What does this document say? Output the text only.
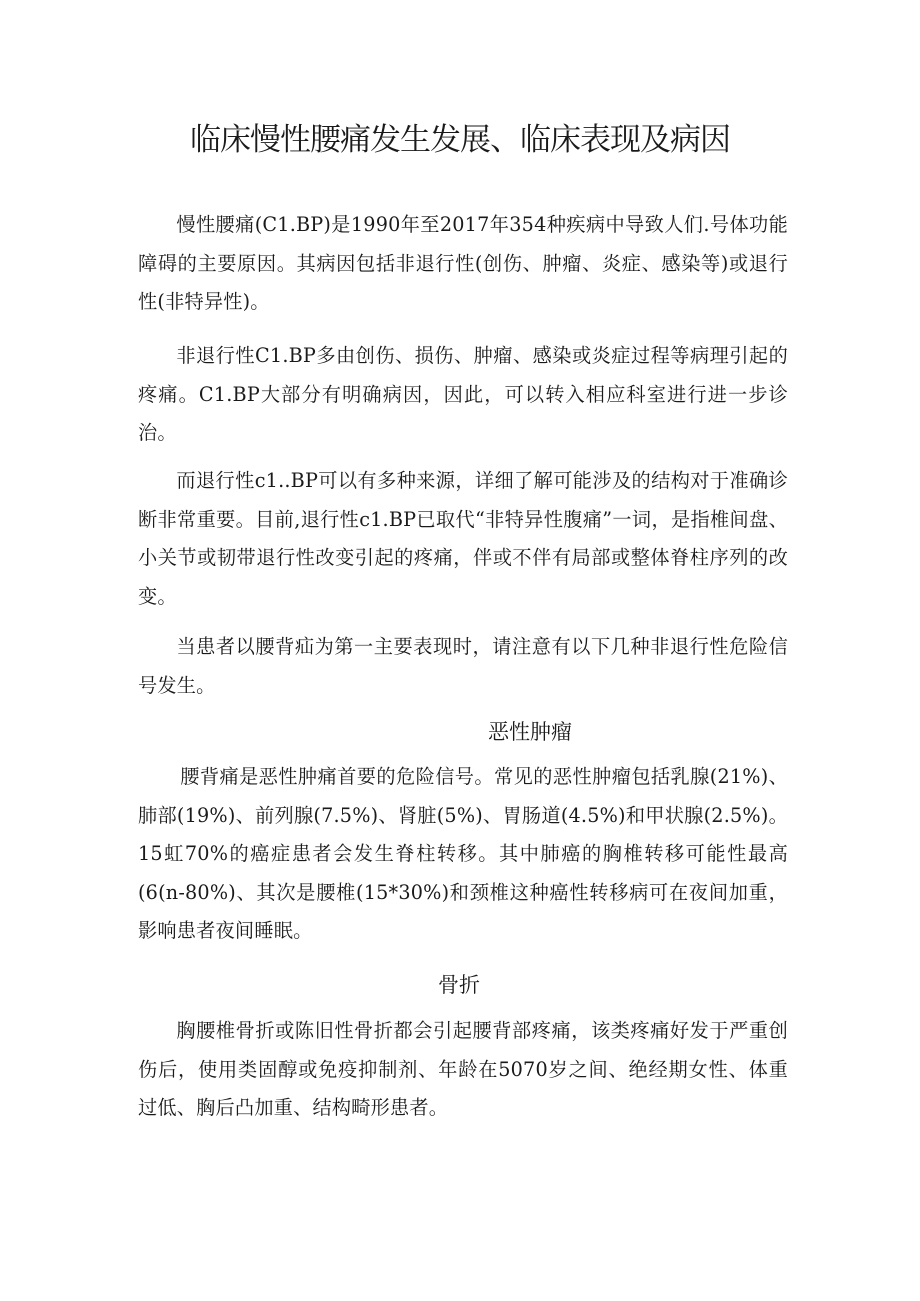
临床慢性腰痛发生发展、临床表现及病因

慢性腰痛(C1.BP)是1990年至2017年354种疾病中导致人们.号体功能障碍的主要原因。其病因包括非退行性(创伤、肿瘤、炎症、感染等)或退行性(非特异性)。

非退行性C1.BP多由创伤、损伤、肿瘤、感染或炎症过程等病理引起的疼痛。C1.BP大部分有明确病因，因此，可以转入相应科室进行进一步诊治。

而退行性c1..BP可以有多种来源，详细了解可能涉及的结构对于准确诊断非常重要。目前,退行性c1.BP已取代“非特异性腹痛”一词，是指椎间盘、小关节或韧带退行性改变引起的疼痛，伴或不伴有局部或整体脊柱序列的改变。

当患者以腰背疝为第一主要表现时，请注意有以下几种非退行性危险信号发生。

恶性肿瘤

腰背痛是恶性肿痛首要的危险信号。常见的恶性肿瘤包括乳腺(21%)、肺部(19%)、前列腺(7.5%)、肾脏(5%)、胃肠道(4.5%)和甲状腺(2.5%)。15虹70%的癌症患者会发生脊柱转移。其中肺癌的胸椎转移可能性最高(6(n-80%)、其次是腰椎(15*30%)和颈椎这种癌性转移病可在夜间加重，影响患者夜间睡眠。

骨折

胸腰椎骨折或陈旧性骨折都会引起腰背部疼痛，该类疼痛好发于严重创伤后，使用类固醇或免疫抑制剂、年龄在5070岁之间、绝经期女性、体重过低、胸后凸加重、结构畸形患者。
